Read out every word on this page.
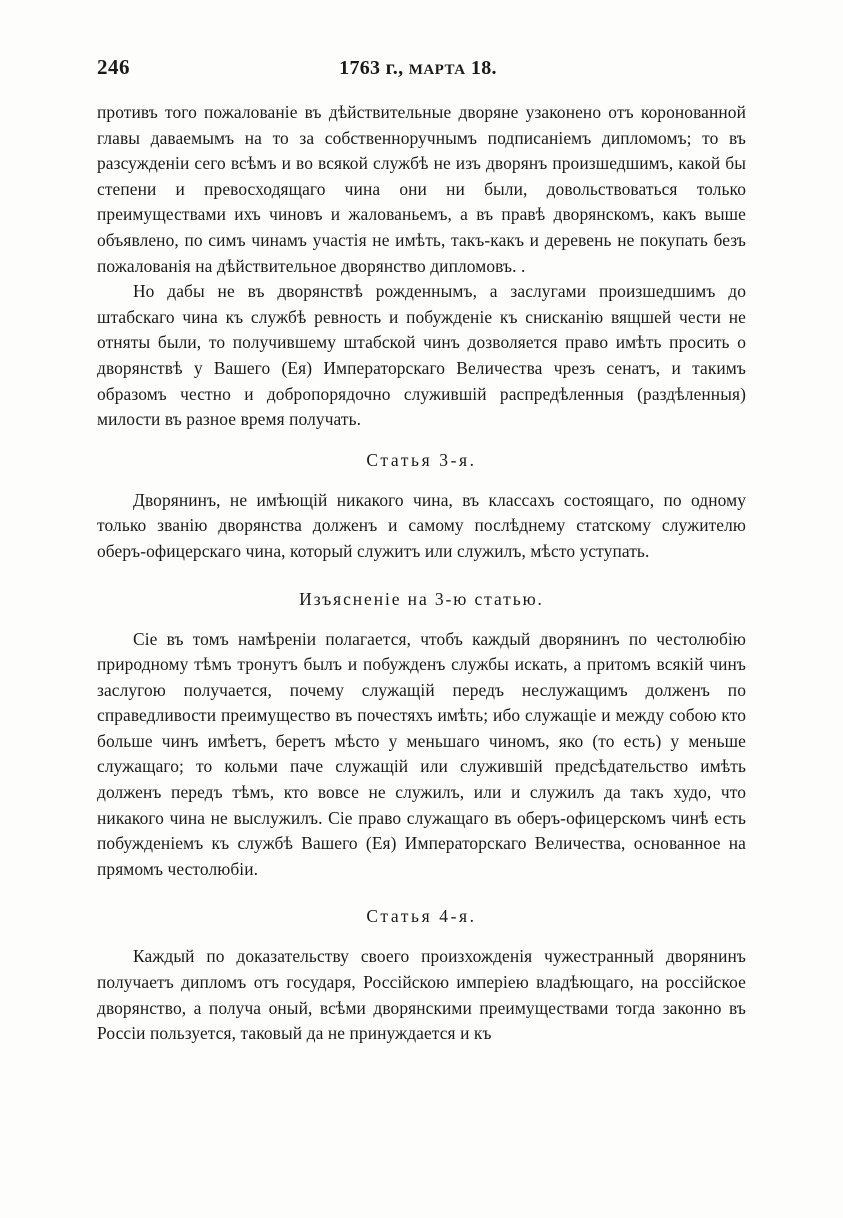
246	1763 г., МАРТА 18.

противъ того пожалованіе въ дѣйствительные дворяне узаконено отъ коронованной главы даваемымъ на то за собственноручнымъ подписаніемъ дипломомъ; то въ разсужденіи сего всѣмъ и во всякой службѣ не изъ дворянъ произшедшимъ, какой бы степени и превосходящаго чина они ни были, довольствоваться только преимуществами ихъ чиновъ и жалованьемъ, а въ правѣ дворянскомъ, какъ выше объявлено, по симъ чинамъ участія не имѣть, такъ-какъ и деревень не покупать безъ пожалованія на дѣйствительное дворянство дипломовъ. .

Но дабы не въ дворянствѣ рожденнымъ, а заслугами произшедшимъ до штабскаго чина къ службѣ ревность и побужденіе къ снисканію вящшей чести не отняты были, то получившему штабской чинъ дозволяется право имѣть просить о дворянствѣ у Вашего (Ея) Императорскаго Величества чрезъ сенатъ, и такимъ образомъ честно и добропорядочно служившій распредѣленныя (раздѣленныя) милости въ разное время получать.

Статья 3-я.

Дворянинъ, не имѣющій никакого чина, въ классахъ состоящаго, по одному только званію дворянства долженъ и самому послѣднему статскому служителю оберъ-офицерскаго чина, который служитъ или служилъ, мѣсто уступать.

Изъясненіе на 3-ю статью.

Сіе въ томъ намѣреніи полагается, чтобъ каждый дворянинъ по честолюбію природному тѣмъ тронутъ былъ и побужденъ службы искать, а притомъ всякій чинъ заслугою получается, почему служащій передъ неслужащимъ долженъ по справедливости преимущество въ почестяхъ имѣть; ибо служащіе и между собою кто больше чинъ имѣетъ, беретъ мѣсто у меньшаго чиномъ, яко (то есть) у меньше служащаго; то кольми паче служащій или служившій предсѣдательство имѣть долженъ передъ тѣмъ, кто вовсе не служилъ, или и служилъ да такъ худо, что никакого чина не выслужилъ. Сіе право служащаго въ оберъ-офицерскомъ чинѣ есть побужденіемъ къ службѣ Вашего (Ея) Императорскаго Величества, основанное на прямомъ честолюбіи.

Статья 4-я.

Каждый по доказательству своего произхожденія чужестранный дворянинъ получаетъ дипломъ отъ государя, Россійскою имперіею владѣющаго, на россійское дворянство, а получа оный, всѣми дворянскими преимуществами тогда законно въ Россіи пользуется, таковый да не принуждается и къ
